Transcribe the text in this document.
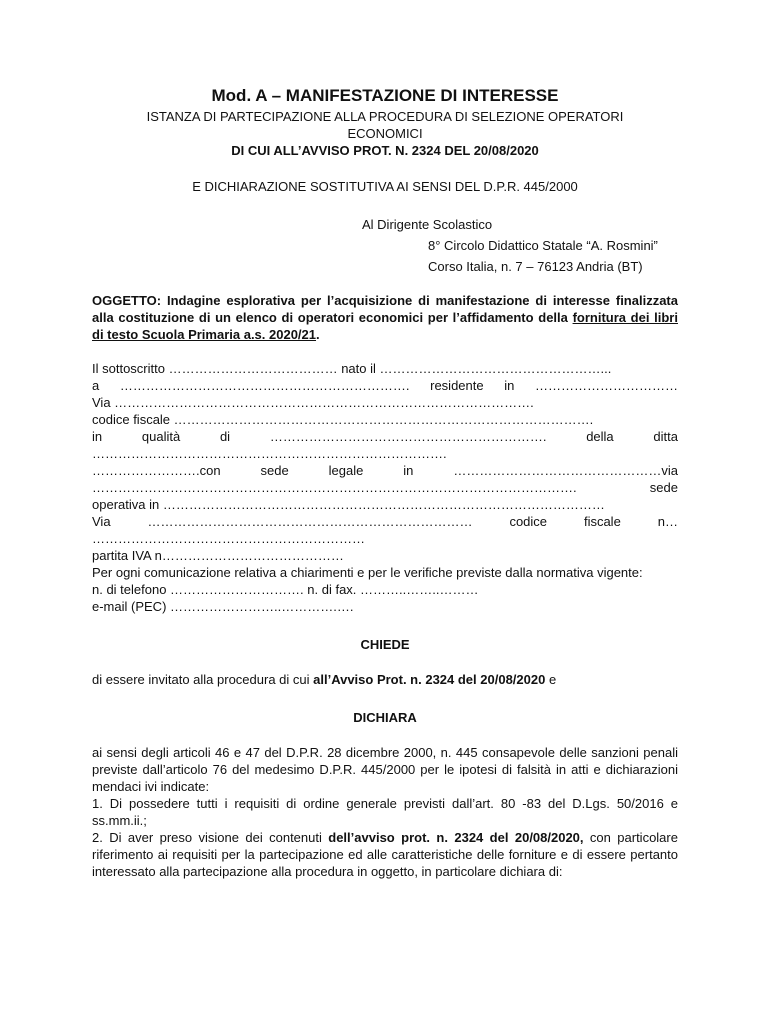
Mod. A – MANIFESTAZIONE DI INTERESSE

ISTANZA DI PARTECIPAZIONE ALLA PROCEDURA DI SELEZIONE OPERATORI
ECONOMICI
DI CUI ALL’AVVISO PROT. N. 2324 DEL 20/08/2020
E DICHIARAZIONE SOSTITUTIVA AI SENSI DEL D.P.R. 445/2000
Al Dirigente Scolastico
8° Circolo Didattico Statale “A. Rosmini”
Corso Italia, n. 7 – 76123 Andria (BT)
OGGETTO: Indagine esplorativa per l’acquisizione di manifestazione di interesse finalizzata alla costituzione di un elenco di operatori economici per l’affidamento della fornitura dei libri di testo Scuola Primaria a.s. 2020/21.
Il sottoscritto ………………………………… nato il ……………………………………………...
a …………………………………………………………. residente in ……………………………
Via …………………………………………………………………………………….
codice fiscale …………………………………………………………………………………….
in	qualità	di	……………………………………………………….	della	ditta
……………………………………………………………………….
…………………….con	sede	legale	in	…………………………………………via
………………………………………………………………………………………………….	sede
operativa in …………………………………………………………………………………………
Via	…………………………………………………………………	codice	fiscale	n…
………………………………………………………
partita IVA n……………………………………
Per ogni comunicazione relativa a chiarimenti e per le verifiche previste dalla normativa vigente:
n. di telefono …………………………. n. di fax. ………..……..………
e-mail (PEC) ……………………..………….….

CHIEDE

di essere invitato alla procedura di cui all’Avviso Prot. n. 2324 del 20/08/2020 e

DICHIARA

ai sensi degli articoli 46 e 47 del D.P.R. 28 dicembre 2000, n. 445 consapevole delle sanzioni penali previste dall’articolo 76 del medesimo D.P.R. 445/2000 per le ipotesi di falsità in atti e dichiarazioni mendaci ivi indicate:
1. Di possedere tutti i requisiti di ordine generale previsti dall’art. 80 -83 del D.Lgs. 50/2016 e ss.mm.ii.;
2. Di aver preso visione dei contenuti dell’avviso prot. n. 2324 del 20/08/2020, con particolare riferimento ai requisiti per la partecipazione ed alle caratteristiche delle forniture e di essere pertanto interessato alla partecipazione alla procedura in oggetto, in particolare dichiara di:
